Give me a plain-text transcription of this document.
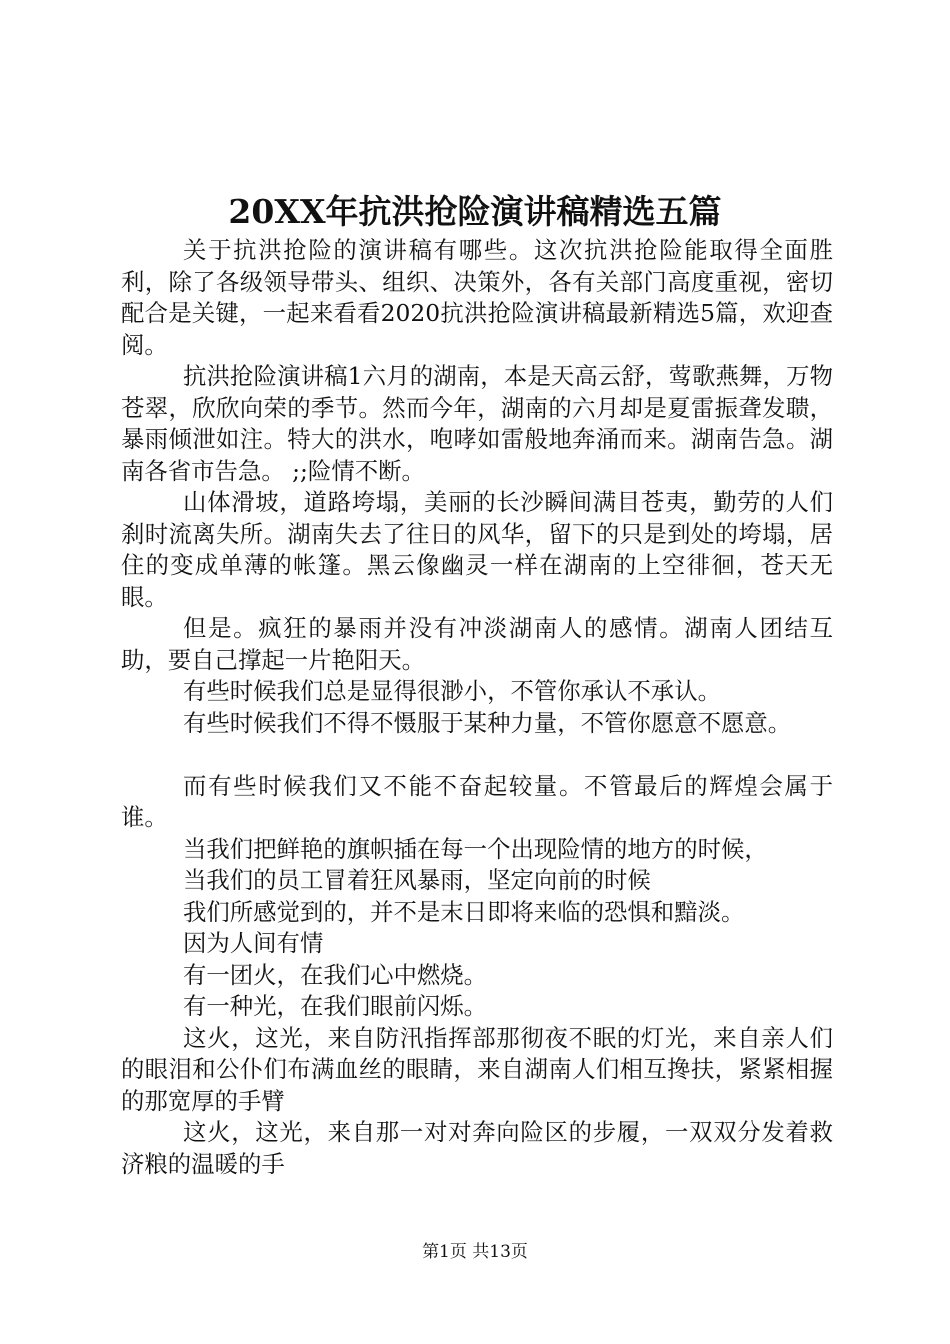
20XX年抗洪抢险演讲稿精选五篇

关于抗洪抢险的演讲稿有哪些。这次抗洪抢险能取得全面胜利，除了各级领导带头、组织、决策外，各有关部门高度重视，密切配合是关键，一起来看看2020抗洪抢险演讲稿最新精选5篇，欢迎查阅。

抗洪抢险演讲稿1六月的湖南，本是天高云舒，莺歌燕舞，万物苍翠，欣欣向荣的季节。然而今年，湖南的六月却是夏雷振聋发聩，暴雨倾泄如注。特大的洪水，咆哮如雷般地奔涌而来。湖南告急。湖南各省市告急。 ;;险情不断。

山体滑坡，道路垮塌，美丽的长沙瞬间满目苍夷，勤劳的人们刹时流离失所。湖南失去了往日的风华，留下的只是到处的垮塌，居住的变成单薄的帐篷。黑云像幽灵一样在湖南的上空徘徊，苍天无眼。

但是。疯狂的暴雨并没有冲淡湖南人的感情。湖南人团结互助，要自己撑起一片艳阳天。

有些时候我们总是显得很渺小，不管你承认不承认。

有些时候我们不得不慑服于某种力量，不管你愿意不愿意。

而有些时候我们又不能不奋起较量。不管最后的辉煌会属于谁。

当我们把鲜艳的旗帜插在每一个出现险情的地方的时候，

当我们的员工冒着狂风暴雨，坚定向前的时候

我们所感觉到的，并不是末日即将来临的恐惧和黯淡。

因为人间有情

有一团火，在我们心中燃烧。

有一种光，在我们眼前闪烁。

这火，这光，来自防汛指挥部那彻夜不眠的灯光，来自亲人们的眼泪和公仆们布满血丝的眼睛，来自湖南人们相互搀扶，紧紧相握的那宽厚的手臂

这火，这光，来自那一对对奔向险区的步履，一双双分发着救济粮的温暖的手

第1页 共13页
